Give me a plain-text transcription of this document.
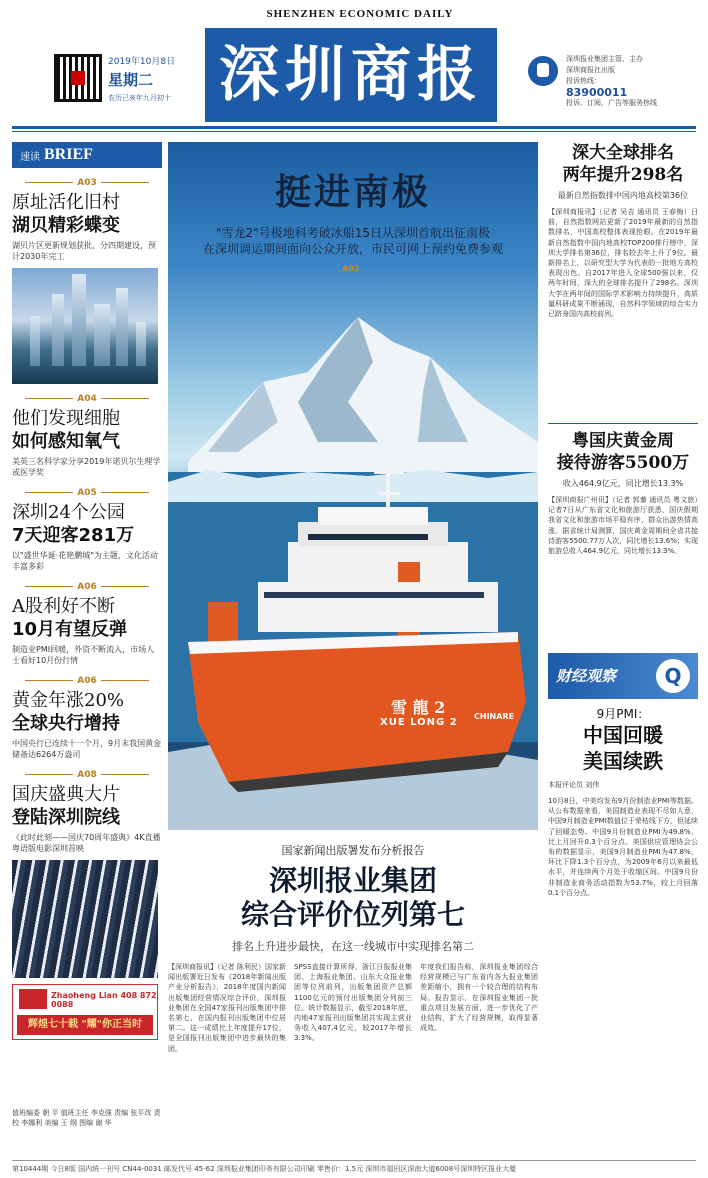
SHENZHEN ECONOMIC DAILY
2019年10月8日
星期二
农历己亥年九月初十 深圳商报	深圳报业集团主管、主办
深圳商报社出版
投诉热线：
83900011
投诉、订阅、广告等服务热线
速读 BRIEF
A03
原址活化旧村
湖贝精彩蝶变
湖贝片区更新规划获批，分四期建设，预计2030年完工
A04
他们发现细胞
如何感知氧气
美英三名科学家分享2019年诺贝尔生理学或医学奖
A05
深圳24个公园
7天迎客281万
以"盛世华诞·花艳鹏城"为主题，文化活动丰富多彩
A06
A股利好不断
10月有望反弹
制造业PMI回暖，外资不断流入，市场人士看好10月份行情
A06
黄金年涨20%
全球央行增持
中国央行已连续十一个月，9月末我国黄金储备达6264万盎司
A08
国庆盛典大片
登陆深圳院线
《此时此刻——国庆70周年盛典》4K直播粤语版电影深圳首映
Zhaoheng Lian 408 872 0088
辉煌七十载 "耀"你正当时
值班编委 朝 平 值班主任 李克强 责编 张平改 责校 李娜利 美编 王 纲 图编 谢 华
挺进南极
"雪龙2"号极地科考破冰船15日从深圳首航出征南极
在深圳调运期间面向公众开放，市民可网上预约免费参观
A02
雪 龍 2
XUE LONG 2
CHINARE
国家新闻出版署发布分析报告
深圳报业集团
综合评价位列第七
排名上升进步最快，在这一线城市中实现排名第二
【深圳商报讯】（记者 陈利民）国家新闻出版署近日发布《2018年新闻出版产业分析报告》，2018年度国内新闻出版集团经营情况综合评价，深圳报业集团在全国47家报刊出版集团中排名第七，在国内报刊出版集团中位居第二。这一成绩比上年度提升17位，是全国报刊出版集团中进步最快的集团。
SPSS直接计算所得，浙江日报报业集团、上海报业集团、山东大众报业集团等位列前列，出版集团资产总额1100亿元的预付出版集团分列前三位。统计数据显示，截至2018年底，内地47家报刊出版集团共实现主营业务收入407.4亿元，较2017年增长3.3%。
年度我们报告称，深圳报业集团综合经营规模已与广东省内各大报业集团差距缩小，拥有一个较合理的结构布局。报告显示，在深圳报业集团一批重点项目发展方面，进一步优化了产业结构，扩大了经营规模，取得显著成效。
深大全球排名
两年提升298名
最新自然指数排中国内地高校第36位
【深圳商报讯】（记者 吴吉 通讯员 王春梅）日前，自然指数网站更新了2019年最新的自然指数排名，中国高校整体表现抢眼。在2019年最新自然指数中国内地高校TOP200排行榜中，深圳大学排名第36位，排名较去年上升了9位。最新排名上，以研究型大学为代表的一批地方高校表现出色。自2017年进入全球500强以来，仅两年时间，深大的全球排名提升了298名。深圳大学在两年间的国际学术影响力持续提升，高质量科研成果不断涌现，自然科学领域的综合实力已跻身国内高校前列。
粤国庆黄金周
接待游客5500万
收入464.9亿元，同比增长13.3%
【深圳商报广州讯】（记者 郭蓁 通讯员 粤文旅）记者7日从广东省文化和旅游厅获悉，国庆假期我省文化和旅游市场平稳有序，群众出游热情高涨。据省统计局测算，国庆黄金周期间全省共接待游客5500.77万人次，同比增长13.6%；实现旅游总收入464.9亿元，同比增长13.3%。
财经观察	Q
9月PMI：
中国回暖
美国续跌
本报评论员 刘伟
10月8日，中美均发布9月份制造业PMI等数据。从公布数据来看，美国制造业表现不尽如人意，中国9月制造业PMI数值位于荣枯线下方，但延续了回暖态势。中国9月份制造业PMI为49.8%，比上月回升0.3个百分点。美国供应管理协会公布的数据显示，美国9月制造业PMI为47.8%，环比下降1.3个百分点，为2009年6月以来最低水平，并连续两个月处于收缩区间。中国9月份非制造业商务活动指数为53.7%，较上月回落0.1个百分点。
第10444期 今日8版 国内统一刊号 CN44-0031 邮发代号 45-62 深圳报业集团印务有限公司印刷 零售价：1.5元 深圳市福田区深南大道6008号深圳特区报业大厦
